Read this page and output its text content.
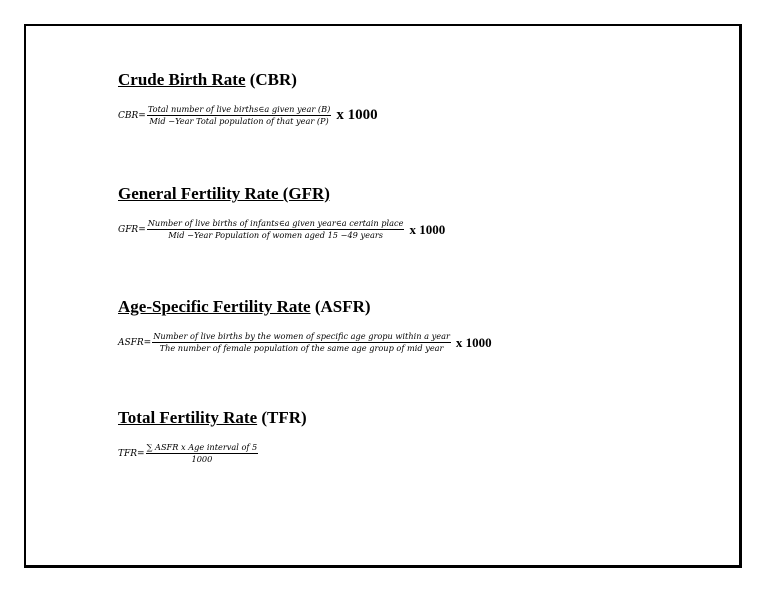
Crude Birth Rate (CBR)

$CBR= \frac{\text{Total number of live births∈a given year (B)}}{\text{Mid −Year Total population of that year (P)}}$ x 1000

General Fertility Rate (GFR)

GFR=
Number of live births of infants∈a given year∈a certain place
Mid −Year Population of women aged 15 −49 years x 1000

Age-Specific Fertility Rate (ASFR)

ASFR=
Number of live births by the women of specific age gropu within a year
The number of female population of the same age group of mid year x 1000

Total Fertility Rate (TFR)

$TFR= \frac{\text{∑ ASFR x Age interval of 5}}{1000}$
